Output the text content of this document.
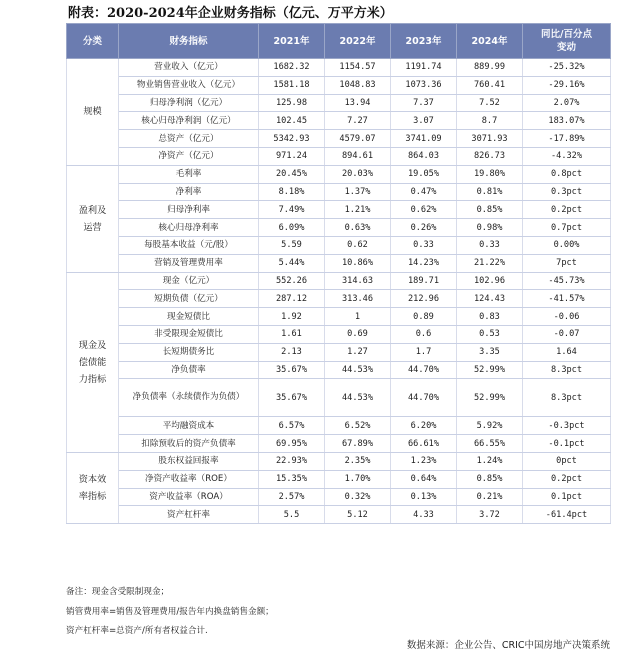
附表：2020-2024年企业财务指标（亿元、万平方米）
分类	财务指标	2021年	2022年	2023年	2024年	同比/百分点变动
规模	营业收入（亿元）	1682.32	1154.57	1191.74	889.99	-25.32%
	物业销售营业收入（亿元）	1581.18	1048.83	1073.36	760.41	-29.16%
	归母净利润（亿元）	125.98	13.94	7.37	7.52	2.07%
	核心归母净利润（亿元）	102.45	7.27	3.07	8.7	183.07%
	总资产（亿元）	5342.93	4579.07	3741.09	3071.93	-17.89%
	净资产（亿元）	971.24	894.61	864.03	826.73	-4.32%
盈利及运营	毛利率	20.45%	20.03%	19.05%	19.80%	0.8pct
	净利率	8.18%	1.37%	0.47%	0.81%	0.3pct
	归母净利率	7.49%	1.21%	0.62%	0.85%	0.2pct
	核心归母净利率	6.09%	0.63%	0.26%	0.98%	0.7pct
	每股基本收益（元/股）	5.59	0.62	0.33	0.33	0.00%
	营销及管理费用率	5.44%	10.86%	14.23%	21.22%	7pct
现金及偿债能力指标	现金（亿元）	552.26	314.63	189.71	102.96	-45.73%
	短期负债（亿元）	287.12	313.46	212.96	124.43	-41.57%
	现金短债比	1.92	1	0.89	0.83	-0.06
	非受限现金短债比	1.61	0.69	0.6	0.53	-0.07
	长短期债务比	2.13	1.27	1.7	3.35	1.64
	净负债率	35.67%	44.53%	44.70%	52.99%	8.3pct
	净负债率（永续债作为负债）	35.67%	44.53%	44.70%	52.99%	8.3pct
	平均融资成本	6.57%	6.52%	6.20%	5.92%	-0.3pct
	扣除预收后的资产负债率	69.95%	67.89%	66.61%	66.55%	-0.1pct
资本效率指标	股东权益回报率	22.93%	2.35%	1.23%	1.24%	0pct
	净资产收益率（ROE）	15.35%	1.70%	0.64%	0.85%	0.2pct
	资产收益率（ROA）	2.57%	0.32%	0.13%	0.21%	0.1pct
	资产杠杆率	5.5	5.12	4.33	3.72	-61.4pct
备注：现金含受限制现金；
销管费用率=销售及管理费用/报告年内换盘销售金额；
资产杠杆率=总资产/所有者权益合计.
数据来源：企业公告、CRIC中国房地产决策系统
